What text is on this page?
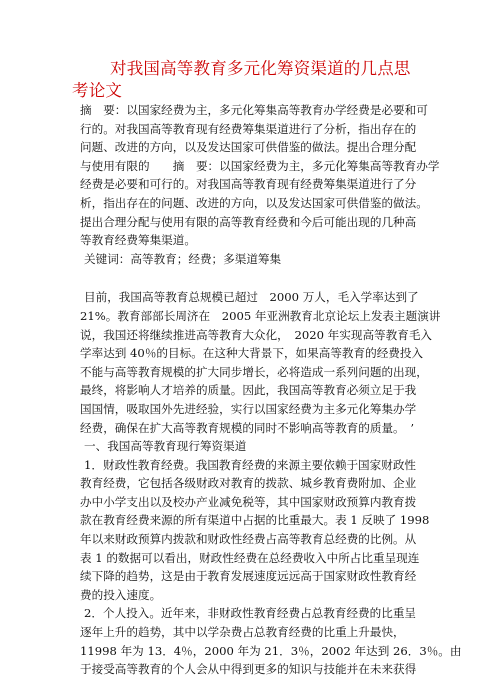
对我国高等教育多元化筹资渠道的几点思
考论文
摘　要：以国家经费为主，多元化筹集高等教育办学经费是必要和可
行的。对我国高等教育现有经费筹集渠道进行了分析，指出存在的
问题、改进的方向，以及发达国家可供借鉴的做法。提出合理分配
与使用有限的　　摘　要：以国家经费为主，多元化筹集高等教育办学
经费是必要和可行的。对我国高等教育现有经费筹集渠道进行了分
析，指出存在的问题、改进的方向，以及发达国家可供借鉴的做法。
提出合理分配与使用有限的高等教育经费和今后可能出现的几种高
等教育经费筹集渠道。
关键词：高等教育；经费；多渠道筹集
目前，我国高等教育总规模已超过　2000 万人，毛入学率达到了
21%。教育部部长周济在　2005 年亚洲教育北京论坛上发表主题演讲
说，我国还将继续推进高等教育大众化，　2020 年实现高等教育毛入
学率达到 40％的目标。在这种大背景下，如果高等教育的经费投入
不能与高等教育规模的扩大同步增长，必将造成一系列问题的出现，
最终，将影响人才培养的质量。因此，我国高等教育必须立足于我
国国情，吸取国外先进经验，实行以国家经费为主多元化筹集办学
经费，确保在扩大高等教育规模的同时不影响高等教育的质量。　’
一、我国高等教育现行筹资渠道
1．财政性教育经费。我国教育经费的来源主要依赖于国家财政性
教育经费，它包括各级财政对教育的拨款、城乡教育费附加、企业
办中小学支出以及校办产业减免税等，其中国家财政预算内教育拨
款在教育经费来源的所有渠道中占据的比重最大。表 1 反映了 1998
年以来财政预算内拨款和财政性经费占高等教育总经费的比例。从
表 1 的数据可以看出，财政性经费在总经费收入中所占比重呈现连
续下降的趋势，这是由于教育发展速度远远高于国家财政性教育经
费的投入速度。
2．个人投入。近年来，非财政性教育经费占总教育经费的比重呈
逐年上升的趋势，其中以学杂费占总教育经费的比重上升最快，
11998 年为 13．4％，2000 年为 21．3％，2002 年达到 26．3％。由
于接受高等教育的个人会从中得到更多的知识与技能并在未来获得
